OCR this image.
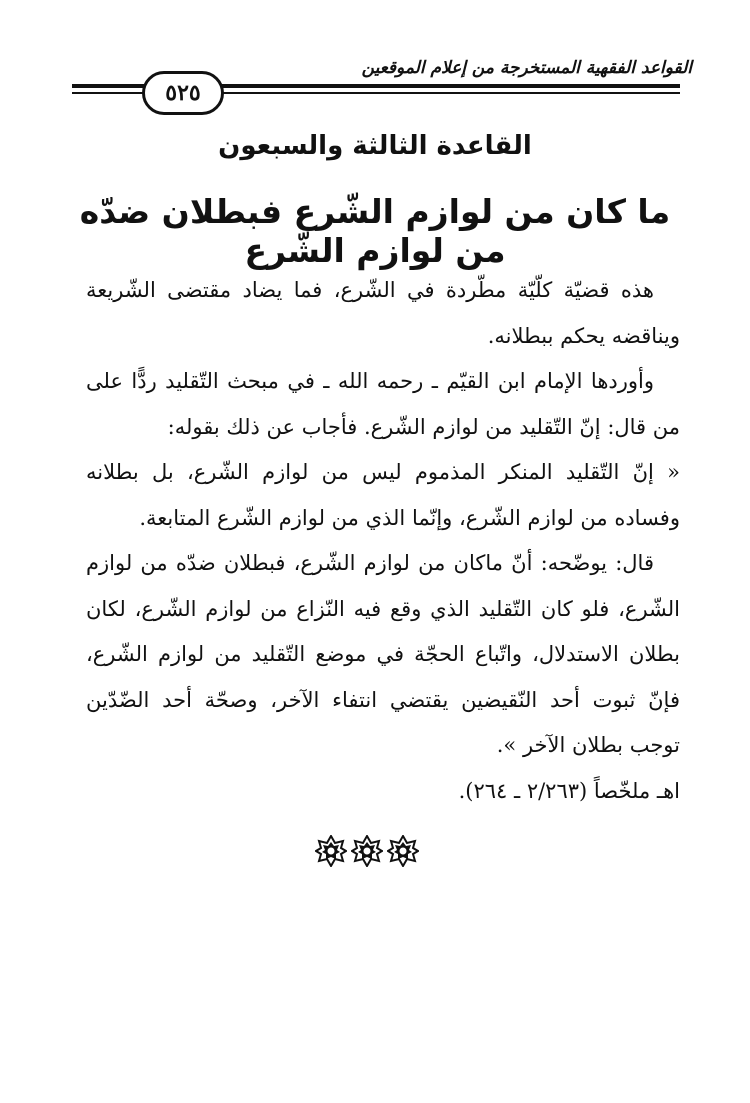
القواعد الفقهية المستخرجة من إعلام الموقعين
٥٢٥
القاعدة الثالثة والسبعون
ما كان من لوازم الشّرع فبطلان ضدّه من لوازم الشّرع

هذه قضيّة كلّيّة مطّردة في الشّرع، فما يضاد مقتضى الشّريعة ويناقضه يحكم ببطلانه.

وأوردها الإمام ابن القيّم ـ رحمه الله ـ في مبحث التّقليد ردًّا على من قال: إنّ التّقليد من لوازم الشّرع. فأجاب عن ذلك بقوله:

« إنّ التّقليد المنكر المذموم ليس من لوازم الشّرع، بل بطلانه وفساده من لوازم الشّرع، وإنّما الذي من لوازم الشّرع المتابعة.

قال: يوضّحه: أنّ ماكان من لوازم الشّرع، فبطلان ضدّه من لوازم الشّرع، فلو كان التّقليد الذي وقع فيه النّزاع من لوازم الشّرع، لكان بطلان الاستدلال، واتّباع الحجّة في موضع التّقليد من لوازم الشّرع، فإنّ ثبوت أحد النّقيضين يقتضي انتفاء الآخر، وصحّة أحد الضّدّين توجب بطلان الآخر ».

اهـ ملخّصاً (٢/٢٦٣ ـ ٢٦٤).
